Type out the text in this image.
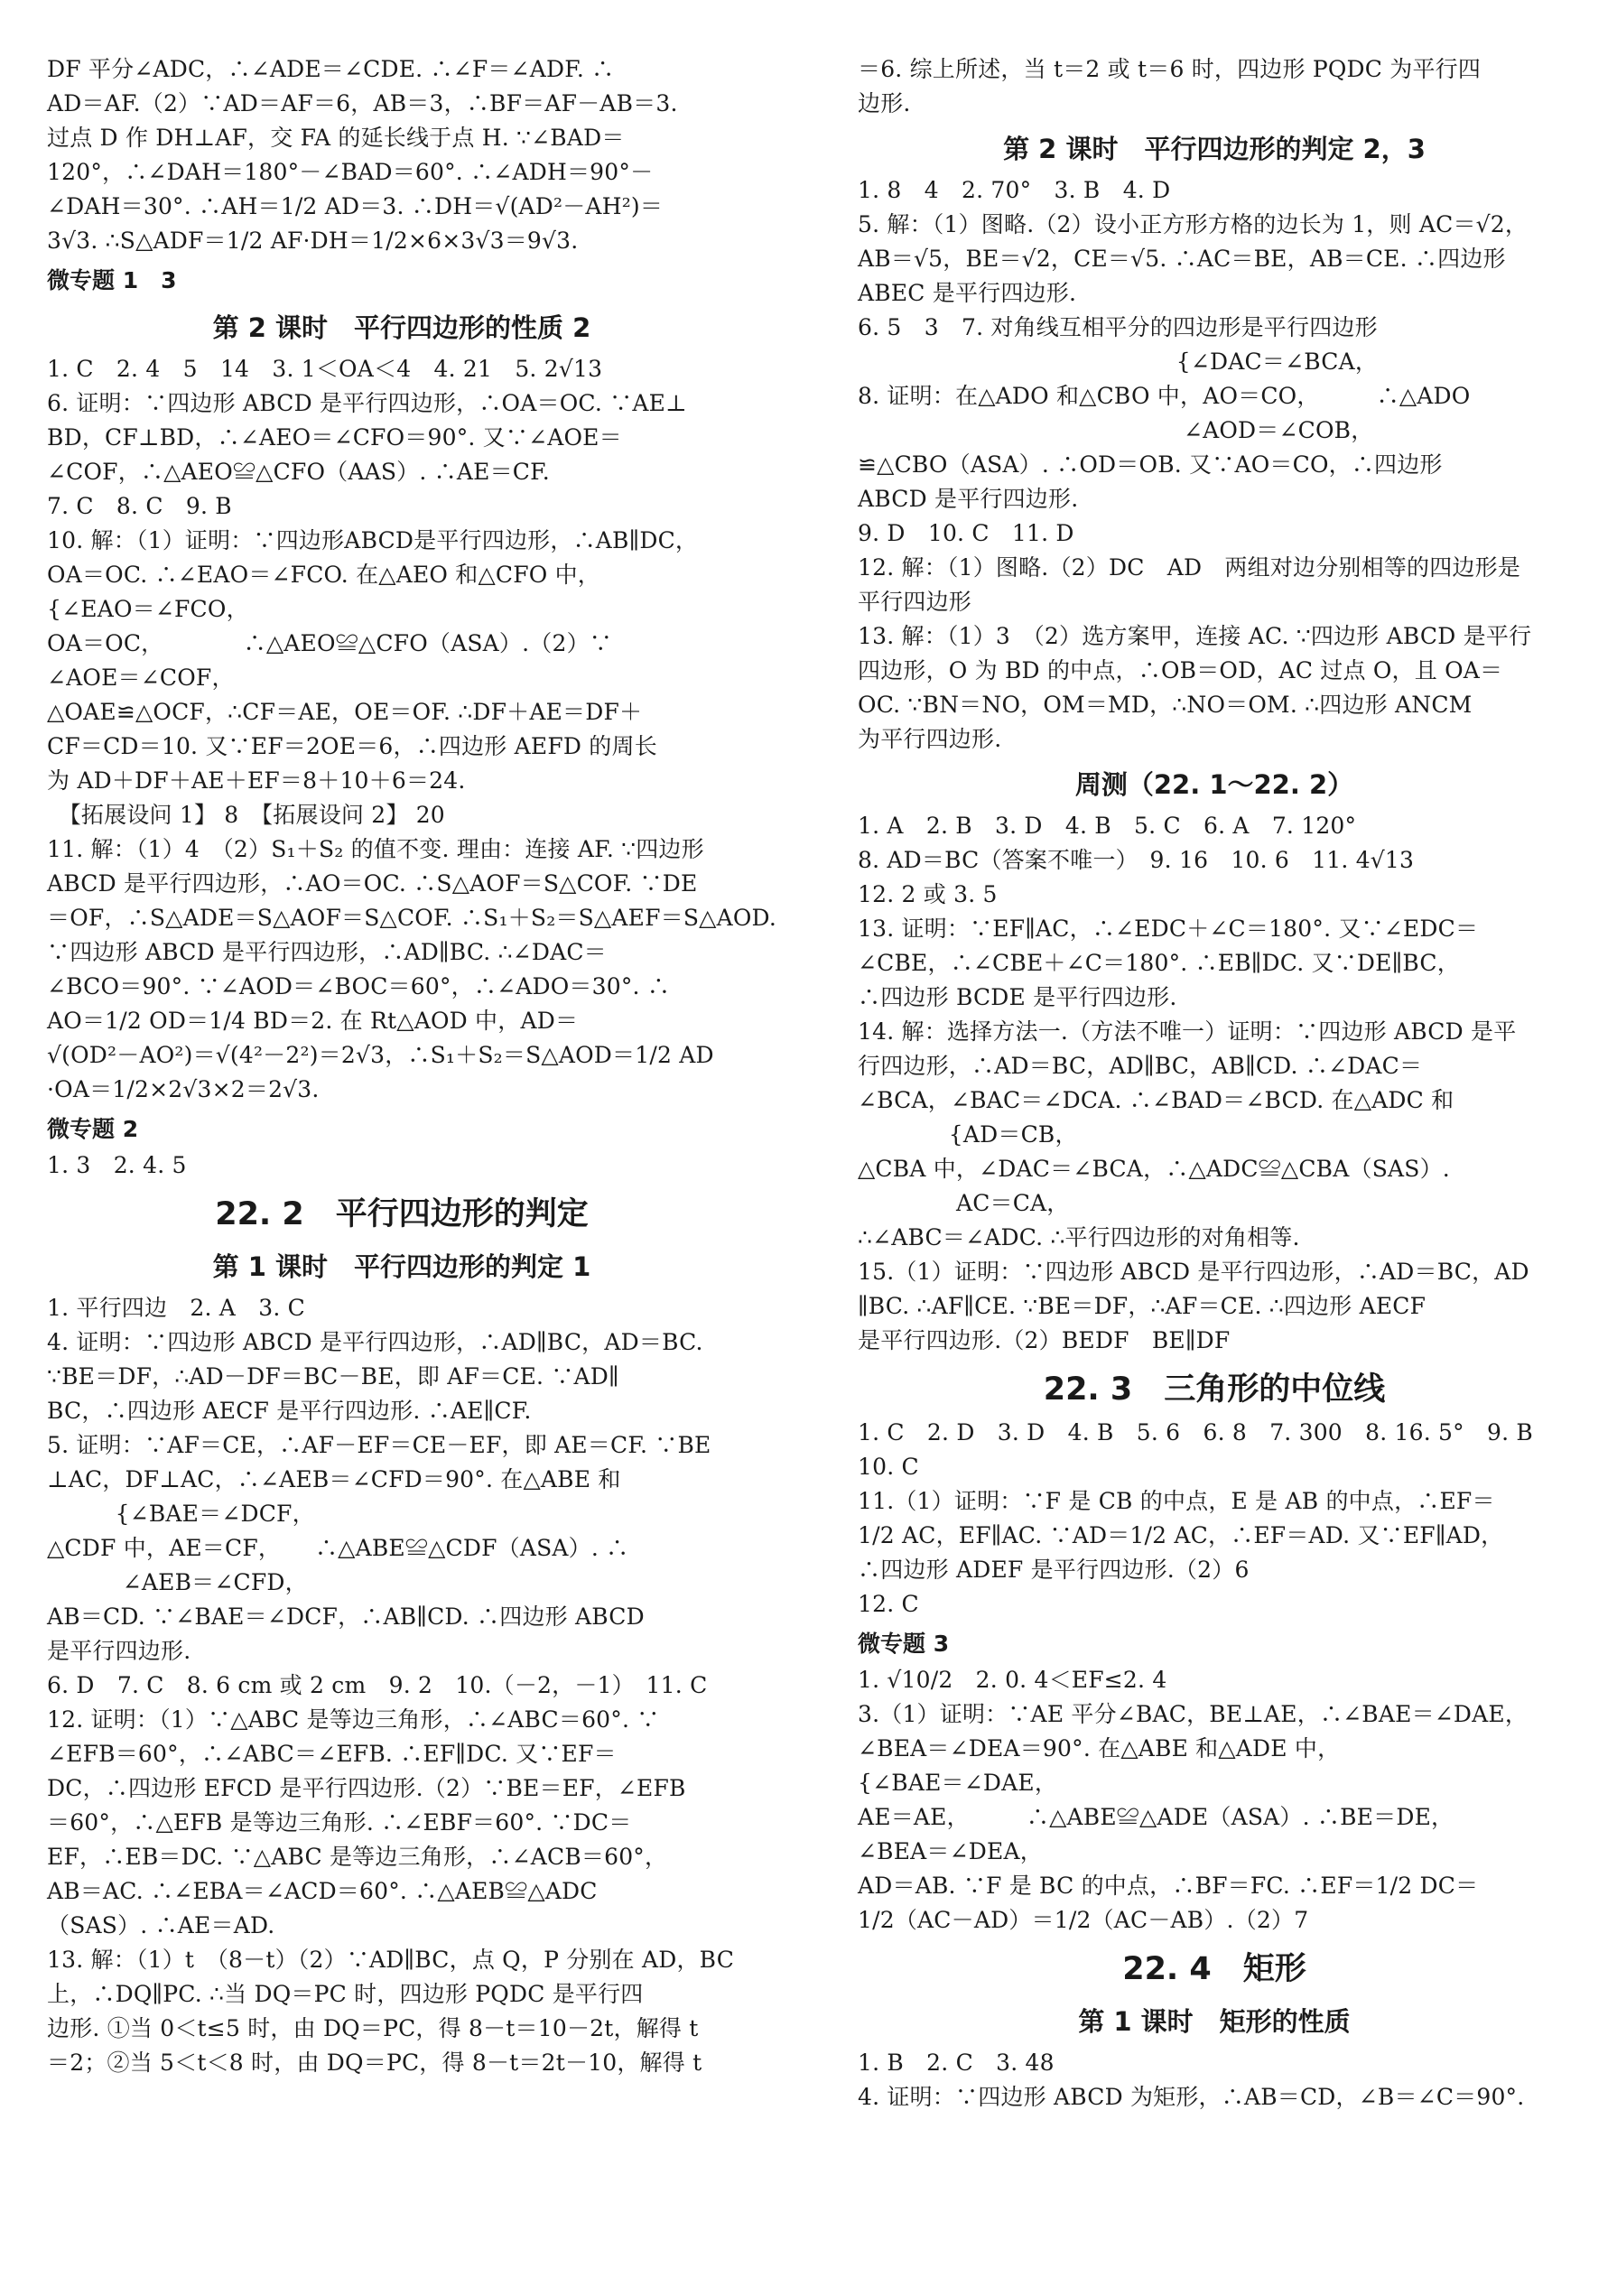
DF 平分∠ADC，∴∠ADE＝∠CDE. ∴∠F＝∠ADF. ∴
AD＝AF.（2）∵AD＝AF＝6，AB＝3，∴BF＝AF－AB＝3.
过点 D 作 DH⊥AF，交 FA 的延长线于点 H. ∵∠BAD＝
120°，∴∠DAH＝180°－∠BAD＝60°. ∴∠ADH＝90°－
∠DAH＝30°. ∴AH＝1/2 AD＝3. ∴DH＝√(AD²－AH²)＝
3√3. ∴S△ADF＝1/2 AF·DH＝1/2×6×3√3＝9√3.
微专题 1　3
第 2 课时　平行四边形的性质 2
1. C　2. 4　5　14　3. 1＜OA＜4　4. 21　5. 2√13
6. 证明：∵四边形 ABCD 是平行四边形，∴OA＝OC. ∵AE⊥
BD，CF⊥BD，∴∠AEO＝∠CFO＝90°. 又∵∠AOE＝
∠COF，∴△AEO≌△CFO（AAS）. ∴AE＝CF.
7. C　8. C　9. B
10. 解：（1）证明：∵四边形ABCD是平行四边形，∴AB∥DC，
OA＝OC. ∴∠EAO＝∠FCO. 在△AEO 和△CFO 中，
{∠EAO＝∠FCO，
OA＝OC，　　　　∴△AEO≌△CFO（ASA）.（2）∵
∠AOE＝∠COF，
△OAE≌△OCF，∴CF＝AE，OE＝OF. ∴DF＋AE＝DF＋
CF＝CD＝10. 又∵EF＝2OE＝6，∴四边形 AEFD 的周长
为 AD＋DF＋AE＋EF＝8＋10＋6＝24.
　【拓展设问 1】 8　【拓展设问 2】 20
11. 解：（1）4　（2）S₁＋S₂ 的值不变. 理由：连接 AF. ∵四边形
ABCD 是平行四边形，∴AO＝OC. ∴S△AOF＝S△COF. ∵DE
＝OF，∴S△ADE＝S△AOF＝S△COF. ∴S₁＋S₂＝S△AEF＝S△AOD.
∵四边形 ABCD 是平行四边形，∴AD∥BC. ∴∠DAC＝
∠BCO＝90°. ∵∠AOD＝∠BOC＝60°，∴∠ADO＝30°. ∴
AO＝1/2 OD＝1/4 BD＝2. 在 Rt△AOD 中，AD＝
√(OD²－AO²)＝√(4²－2²)＝2√3，∴S₁＋S₂＝S△AOD＝1/2 AD
·OA＝1/2×2√3×2＝2√3.
微专题 2
1. 3　2. 4. 5
22. 2　平行四边形的判定
第 1 课时　平行四边形的判定 1
1. 平行四边　2. A　3. C
4. 证明：∵四边形 ABCD 是平行四边形，∴AD∥BC，AD＝BC.
∵BE＝DF，∴AD－DF＝BC－BE，即 AF＝CE. ∵AD∥
BC，∴四边形 AECF 是平行四边形. ∴AE∥CF.
5. 证明：∵AF＝CE，∴AF－EF＝CE－EF，即 AE＝CF. ∵BE
⊥AC，DF⊥AC，∴∠AEB＝∠CFD＝90°. 在△ABE 和
　　　{∠BAE＝∠DCF，
△CDF 中，AE＝CF，　　∴△ABE≌△CDF（ASA）. ∴
　　　 ∠AEB＝∠CFD，
AB＝CD. ∵∠BAE＝∠DCF，∴AB∥CD. ∴四边形 ABCD
是平行四边形.
6. D　7. C　8. 6 cm 或 2 cm　9. 2　10.（－2，－1）　11. C
12. 证明：（1）∵△ABC 是等边三角形，∴∠ABC＝60°. ∵
∠EFB＝60°，∴∠ABC＝∠EFB. ∴EF∥DC. 又∵EF＝
DC，∴四边形 EFCD 是平行四边形.（2）∵BE＝EF，∠EFB
＝60°，∴△EFB 是等边三角形. ∴∠EBF＝60°. ∵DC＝
EF，∴EB＝DC. ∵△ABC 是等边三角形，∴∠ACB＝60°，
AB＝AC. ∴∠EBA＝∠ACD＝60°. ∴△AEB≌△ADC
（SAS）. ∴AE＝AD.
13. 解：（1）t　（8－t）（2）∵AD∥BC，点 Q，P 分别在 AD，BC
上，∴DQ∥PC. ∴当 DQ＝PC 时，四边形 PQDC 是平行四
边形. ①当 0＜t≤5 时，由 DQ＝PC，得 8－t＝10－2t，解得 t
＝2；②当 5＜t＜8 时，由 DQ＝PC，得 8－t＝2t－10，解得 t
＝6. 综上所述，当 t＝2 或 t＝6 时，四边形 PQDC 为平行四
边形.
第 2 课时　平行四边形的判定 2，3
1. 8　4　2. 70°　3. B　4. D
5. 解：（1）图略.（2）设小正方形方格的边长为 1，则 AC＝√2，
AB＝√5，BE＝√2，CE＝√5. ∴AC＝BE，AB＝CE. ∴四边形
ABEC 是平行四边形.
6. 5　3　7. 对角线互相平分的四边形是平行四边形
　　　　　　　　　　　　　　{∠DAC＝∠BCA，
8. 证明：在△ADO 和△CBO 中，AO＝CO，　　　∴△ADO
　　　　　　　　　　　　　　 ∠AOD＝∠COB，
≌△CBO（ASA）. ∴OD＝OB. 又∵AO＝CO，∴四边形
ABCD 是平行四边形.
9. D　10. C　11. D
12. 解：（1）图略.（2）DC　AD　两组对边分别相等的四边形是
平行四边形
13. 解：（1）3　（2）选方案甲，连接 AC. ∵四边形 ABCD 是平行
四边形，O 为 BD 的中点，∴OB＝OD，AC 过点 O，且 OA＝
OC. ∵BN＝NO，OM＝MD，∴NO＝OM. ∴四边形 ANCM
为平行四边形.
周测（22. 1～22. 2）
1. A　2. B　3. D　4. B　5. C　6. A　7. 120°
8. AD＝BC（答案不唯一）　9. 16　10. 6　11. 4√13
12. 2 或 3. 5
13. 证明：∵EF∥AC，∴∠EDC＋∠C＝180°. 又∵∠EDC＝
∠CBE，∴∠CBE＋∠C＝180°. ∴EB∥DC. 又∵DE∥BC，
∴四边形 BCDE 是平行四边形.
14. 解：选择方法一.（方法不唯一）证明：∵四边形 ABCD 是平
行四边形，∴AD＝BC，AD∥BC，AB∥CD. ∴∠DAC＝
∠BCA，∠BAC＝∠DCA. ∴∠BAD＝∠BCD. 在△ADC 和
　　　　{AD＝CB，
△CBA 中，∠DAC＝∠BCA，∴△ADC≌△CBA（SAS）.
　　　　 AC＝CA，
∴∠ABC＝∠ADC. ∴平行四边形的对角相等.
15.（1）证明：∵四边形 ABCD 是平行四边形，∴AD＝BC，AD
∥BC. ∴AF∥CE. ∵BE＝DF，∴AF＝CE. ∴四边形 AECF
是平行四边形.（2）BEDF　BE∥DF
22. 3　三角形的中位线
1. C　2. D　3. D　4. B　5. 6　6. 8　7. 300　8. 16. 5°　9. B
10. C
11.（1）证明：∵F 是 CB 的中点，E 是 AB 的中点，∴EF＝
1/2 AC，EF∥AC. ∵AD＝1/2 AC，∴EF＝AD. 又∵EF∥AD，
∴四边形 ADEF 是平行四边形.（2）6
12. C
微专题 3
1. √10/2　2. 0. 4＜EF≤2. 4
3.（1）证明：∵AE 平分∠BAC，BE⊥AE，∴∠BAE＝∠DAE，
∠BEA＝∠DEA＝90°. 在△ABE 和△ADE 中，
{∠BAE＝∠DAE，
AE＝AE，　　　∴△ABE≌△ADE（ASA）. ∴BE＝DE，
∠BEA＝∠DEA，
AD＝AB. ∵F 是 BC 的中点，∴BF＝FC. ∴EF＝1/2 DC＝
1/2（AC－AD）＝1/2（AC－AB）.（2）7
22. 4　矩形
第 1 课时　矩形的性质
1. B　2. C　3. 48
4. 证明：∵四边形 ABCD 为矩形，∴AB＝CD，∠B＝∠C＝90°.
